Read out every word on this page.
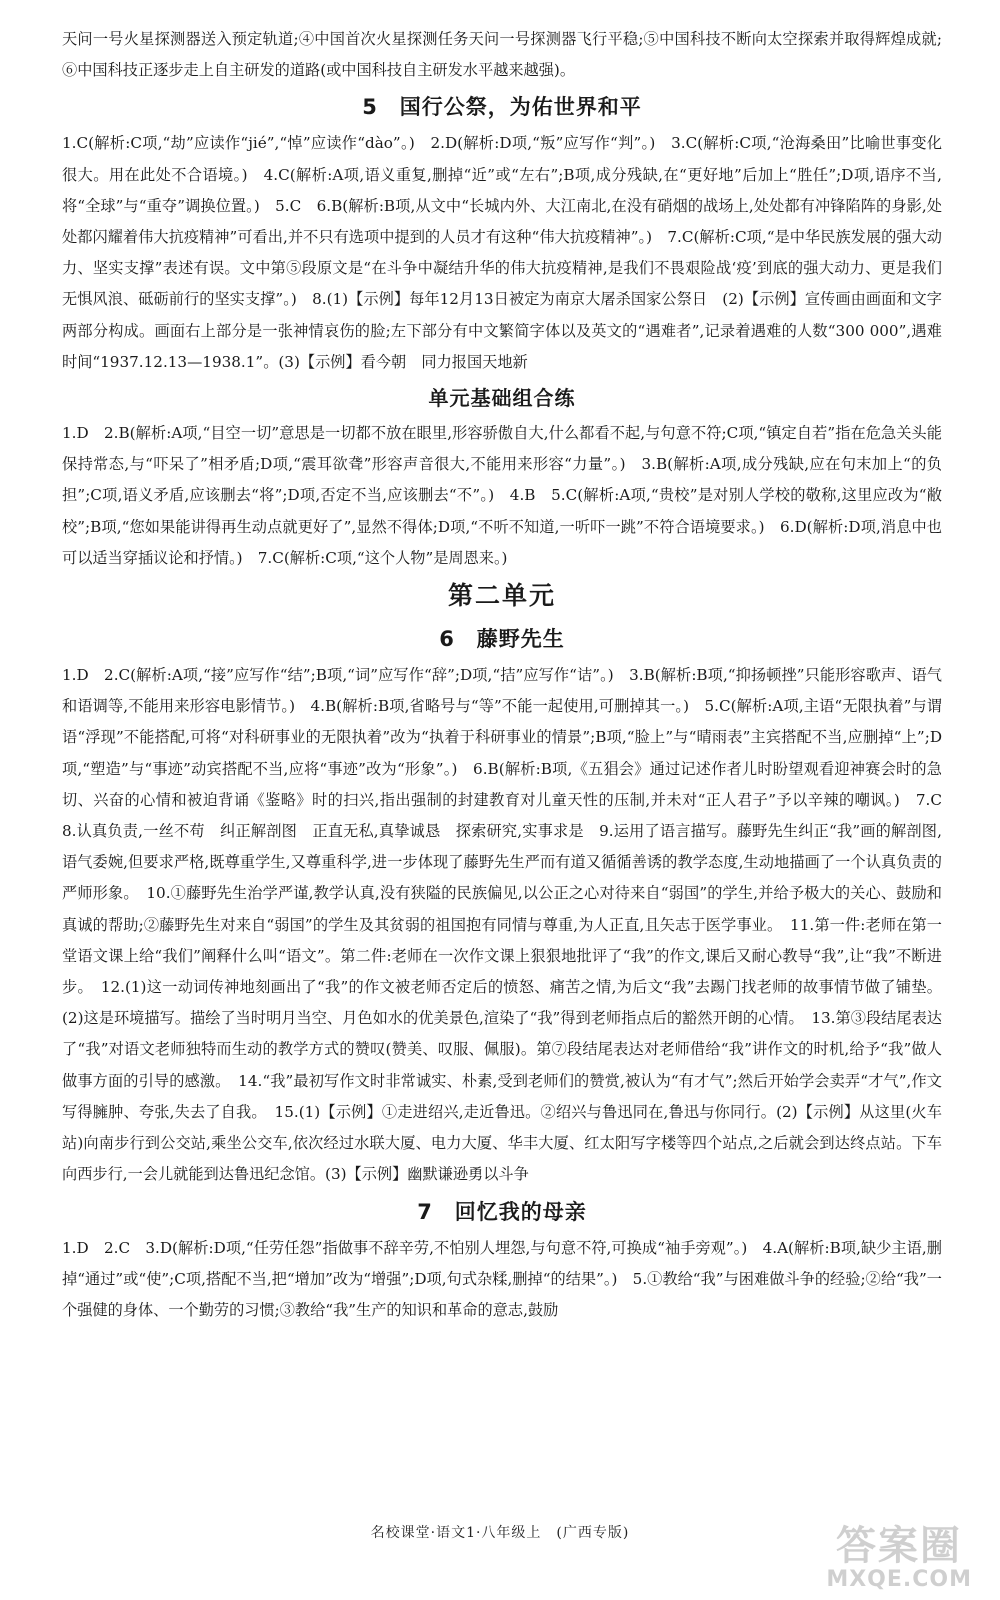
天问一号火星探测器送入预定轨道;④中国首次火星探测任务天问一号探测器飞行平稳;⑤中国科技不断向太空探索并取得辉煌成就;⑥中国科技正逐步走上自主研发的道路(或中国科技自主研发水平越来越强)。

5　国行公祭，为佑世界和平

1.C(解析:C项,“劫”应读作“jié”,“悼”应读作“dào”。)　2.D(解析:D项,“叛”应写作“判”。)　3.C(解析:C项,“沧海桑田”比喻世事变化很大。用在此处不合语境。)　4.C(解析:A项,语义重复,删掉“近”或“左右”;B项,成分残缺,在“更好地”后加上“胜任”;D项,语序不当,将“全球”与“重夺”调换位置。)　5.C　6.B(解析:B项,从文中“长城内外、大江南北,在没有硝烟的战场上,处处都有冲锋陷阵的身影,处处都闪耀着伟大抗疫精神”可看出,并不只有选项中提到的人员才有这种“伟大抗疫精神”。)　7.C(解析:C项,“是中华民族发展的强大动力、坚实支撑”表述有误。文中第⑤段原文是“在斗争中凝结升华的伟大抗疫精神,是我们不畏艰险战‘疫’到底的强大动力、更是我们无惧风浪、砥砺前行的坚实支撑”。)　8.(1)【示例】每年12月13日被定为南京大屠杀国家公祭日　(2)【示例】宣传画由画面和文字两部分构成。画面右上部分是一张神情哀伤的脸;左下部分有中文繁简字体以及英文的“遇难者”,记录着遇难的人数“300 000”,遇难时间“1937.12.13—1938.1”。(3)【示例】看今朝　同力报国天地新

单元基础组合练

1.D　2.B(解析:A项,“目空一切”意思是一切都不放在眼里,形容骄傲自大,什么都看不起,与句意不符;C项,“镇定自若”指在危急关头能保持常态,与“吓呆了”相矛盾;D项,“震耳欲聋”形容声音很大,不能用来形容“力量”。)　3.B(解析:A项,成分残缺,应在句末加上“的负担”;C项,语义矛盾,应该删去“将”;D项,否定不当,应该删去“不”。)　4.B　5.C(解析:A项,“贵校”是对别人学校的敬称,这里应改为“敝校”;B项,“您如果能讲得再生动点就更好了”,显然不得体;D项,“不听不知道,一听吓一跳”不符合语境要求。)　6.D(解析:D项,消息中也可以适当穿插议论和抒情。)　7.C(解析:C项,“这个人物”是周恩来。)

第二单元
6　藤野先生

1.D　2.C(解析:A项,“接”应写作“结”;B项,“词”应写作“辞”;D项,“拮”应写作“诘”。)　3.B(解析:B项,“抑扬顿挫”只能形容歌声、语气和语调等,不能用来形容电影情节。)　4.B(解析:B项,省略号与“等”不能一起使用,可删掉其一。)　5.C(解析:A项,主语“无限执着”与谓语“浮现”不能搭配,可将“对科研事业的无限执着”改为“执着于科研事业的情景”;B项,“脸上”与“晴雨表”主宾搭配不当,应删掉“上”;D项,“塑造”与“事迹”动宾搭配不当,应将“事迹”改为“形象”。)　6.B(解析:B项,《五猖会》通过记述作者儿时盼望观看迎神赛会时的急切、兴奋的心情和被迫背诵《鉴略》时的扫兴,指出强制的封建教育对儿童天性的压制,并未对“正人君子”予以辛辣的嘲讽。)　7.C　8.认真负责,一丝不苟　纠正解剖图　正直无私,真挚诚恳　探索研究,实事求是　9.运用了语言描写。藤野先生纠正“我”画的解剖图,语气委婉,但要求严格,既尊重学生,又尊重科学,进一步体现了藤野先生严而有道又循循善诱的教学态度,生动地描画了一个认真负责的严师形象。　10.①藤野先生治学严谨,教学认真,没有狭隘的民族偏见,以公正之心对待来自“弱国”的学生,并给予极大的关心、鼓励和真诚的帮助;②藤野先生对来自“弱国”的学生及其贫弱的祖国抱有同情与尊重,为人正直,且矢志于医学事业。　11.第一件:老师在第一堂语文课上给“我们”阐释什么叫“语文”。第二件:老师在一次作文课上狠狠地批评了“我”的作文,课后又耐心教导“我”,让“我”不断进步。　12.(1)这一动词传神地刻画出了“我”的作文被老师否定后的愤怒、痛苦之情,为后文“我”去踢门找老师的故事情节做了铺垫。(2)这是环境描写。描绘了当时明月当空、月色如水的优美景色,渲染了“我”得到老师指点后的豁然开朗的心情。　13.第③段结尾表达了“我”对语文老师独特而生动的教学方式的赞叹(赞美、叹服、佩服)。第⑦段结尾表达对老师借给“我”讲作文的时机,给予“我”做人做事方面的引导的感激。　14.“我”最初写作文时非常诚实、朴素,受到老师们的赞赏,被认为“有才气”;然后开始学会卖弄“才气”,作文写得臃肿、夸张,失去了自我。　15.(1)【示例】①走进绍兴,走近鲁迅。②绍兴与鲁迅同在,鲁迅与你同行。(2)【示例】从这里(火车站)向南步行到公交站,乘坐公交车,依次经过水联大厦、电力大厦、华丰大厦、红太阳写字楼等四个站点,之后就会到达终点站。下车向西步行,一会儿就能到达鲁迅纪念馆。(3)【示例】幽默谦逊勇以斗争

7　回忆我的母亲

1.D　2.C　3.D(解析:D项,“任劳任怨”指做事不辞辛劳,不怕别人埋怨,与句意不符,可换成“袖手旁观”。)　4.A(解析:B项,缺少主语,删掉“通过”或“使”;C项,搭配不当,把“增加”改为“增强”;D项,句式杂糅,删掉“的结果”。)　5.①教给“我”与困难做斗争的经验;②给“我”一个强健的身体、一个勤劳的习惯;③教给“我”生产的知识和革命的意志,鼓励

名校课堂·语文1·八年级上　(广西专版)	答案圈
MXQE.COM
